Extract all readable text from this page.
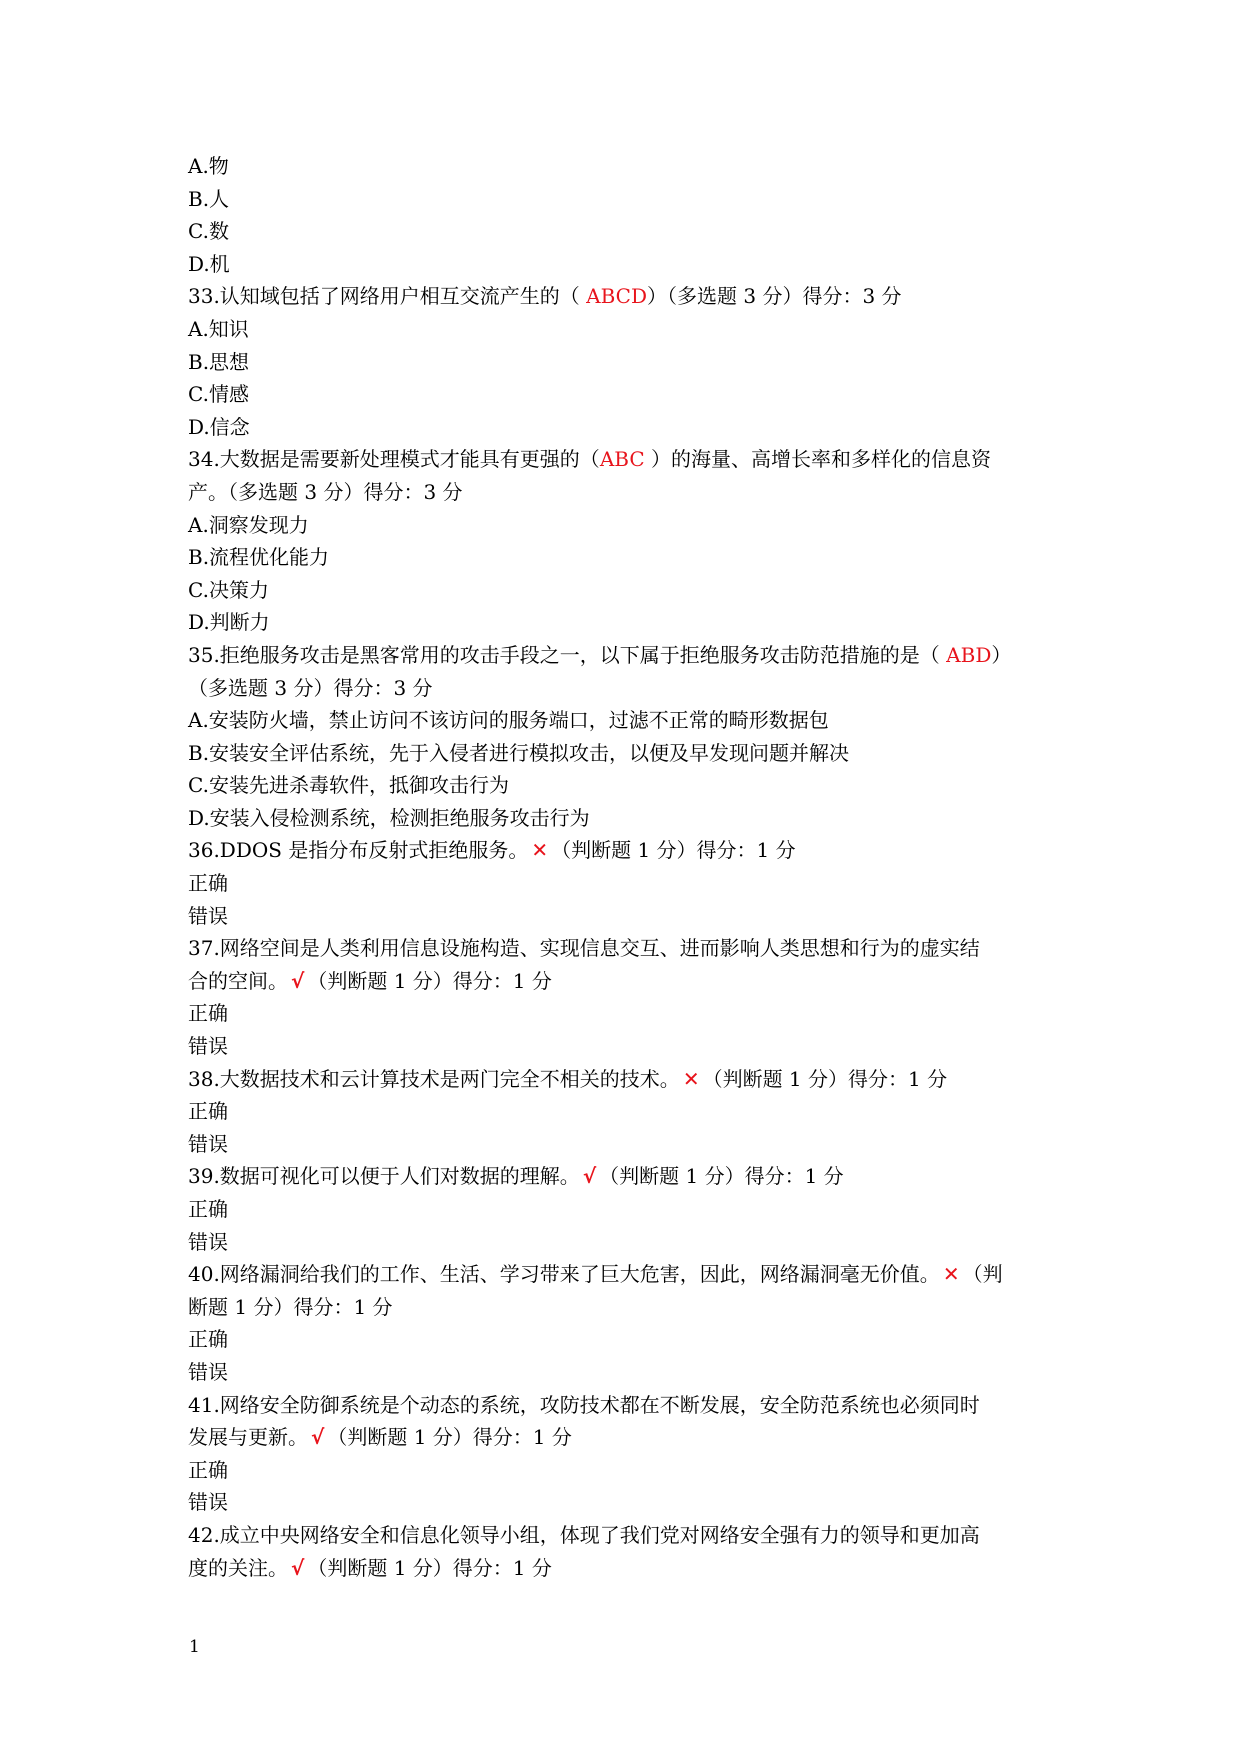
A.物
B.人
C.数
D.机
33.认知域包括了网络用户相互交流产生的（ ABCD）（多选题 3 分）得分：3 分
A.知识
B.思想
C.情感
D.信念
34.大数据是需要新处理模式才能具有更强的（ABC ）的海量、高增长率和多样化的信息资
产。（多选题 3 分）得分：3 分
A.洞察发现力
B.流程优化能力
C.决策力
D.判断力
35.拒绝服务攻击是黑客常用的攻击手段之一，以下属于拒绝服务攻击防范措施的是（ ABD）
（多选题 3 分）得分：3 分
A.安装防火墙，禁止访问不该访问的服务端口，过滤不正常的畸形数据包
B.安装安全评估系统，先于入侵者进行模拟攻击，以便及早发现问题并解决
C.安装先进杀毒软件，抵御攻击行为
D.安装入侵检测系统，检测拒绝服务攻击行为
36.DDOS 是指分布反射式拒绝服务。 ✕ （判断题 1 分）得分：1 分
正确
错误
37.网络空间是人类利用信息设施构造、实现信息交互、进而影响人类思想和行为的虚实结
合的空间。 √ （判断题 1 分）得分：1 分
正确
错误
38.大数据技术和云计算技术是两门完全不相关的技术。 ✕ （判断题 1 分）得分：1 分
正确
错误
39.数据可视化可以便于人们对数据的理解。 √ （判断题 1 分）得分：1 分
正确
错误
40.网络漏洞给我们的工作、生活、学习带来了巨大危害，因此，网络漏洞毫无价值。 ✕ （判
断题 1 分）得分：1 分
正确
错误
41.网络安全防御系统是个动态的系统，攻防技术都在不断发展，安全防范系统也必须同时
发展与更新。 √ （判断题 1 分）得分：1 分
正确
错误
42.成立中央网络安全和信息化领导小组，体现了我们党对网络安全强有力的领导和更加高
度的关注。 √ （判断题 1 分）得分：1 分
1
